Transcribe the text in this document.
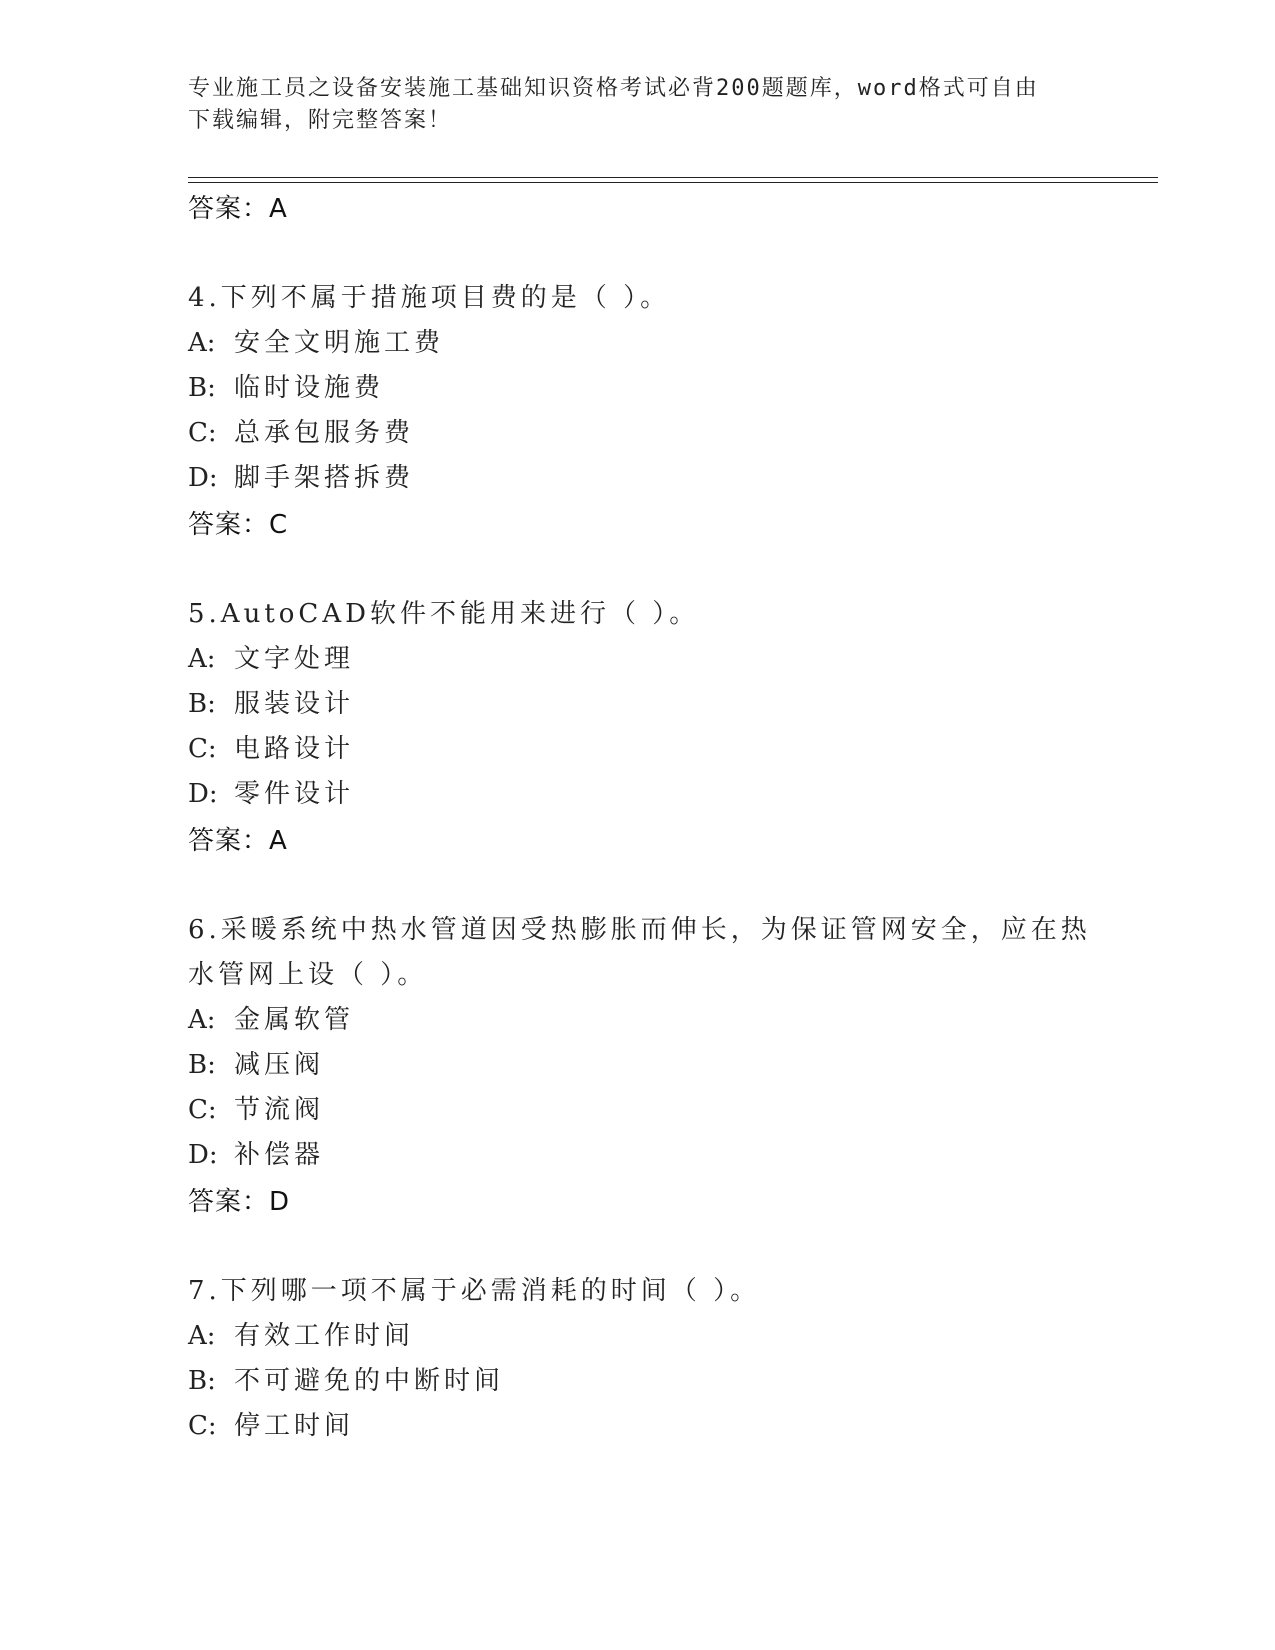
专业施工员之设备安装施工基础知识资格考试必背200题题库，word格式可自由
下载编辑，附完整答案！
答案：A
4.下列不属于措施项目费的是（ ）。
A: 安全文明施工费
B: 临时设施费
C: 总承包服务费
D: 脚手架搭拆费
答案：C
5.AutoCAD软件不能用来进行（ ）。
A: 文字处理
B: 服装设计
C: 电路设计
D: 零件设计
答案：A
6.采暖系统中热水管道因受热膨胀而伸长，为保证管网安全，应在热
水管网上设（ ）。
A: 金属软管
B: 减压阀
C: 节流阀
D: 补偿器
答案：D
7.下列哪一项不属于必需消耗的时间（ ）。
A: 有效工作时间
B: 不可避免的中断时间
C: 停工时间
